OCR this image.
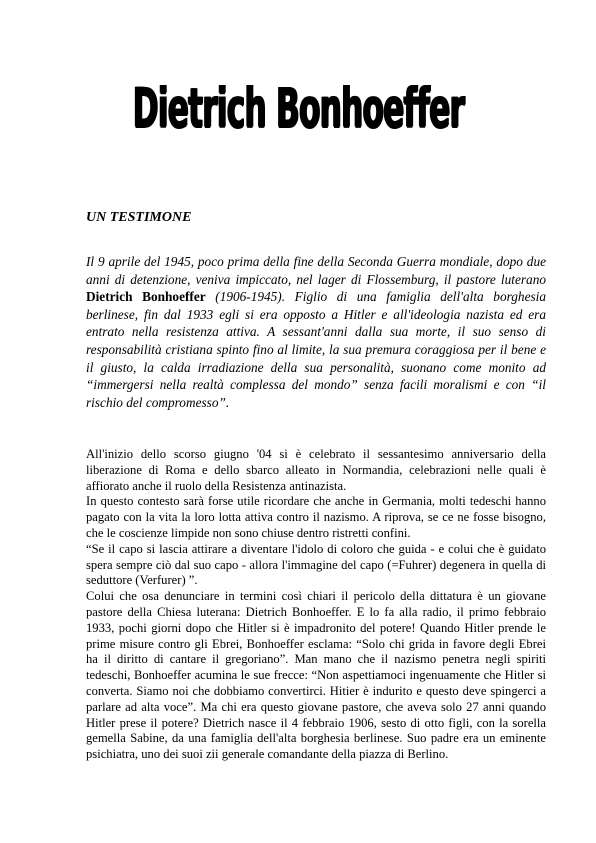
Dietrich Bonhoeffer
UN TESTIMONE
Il 9 aprile del 1945, poco prima della fine della Seconda Guerra mondiale, dopo due anni di detenzione, veniva impiccato, nel lager di Flossemburg, il pastore luterano Dietrich Bonhoeffer (1906-1945). Figlio di una famiglia dell'alta borghesia berlinese, fin dal 1933 egli si era opposto a Hitler e all'ideologia nazista ed era entrato nella resistenza attiva. A sessant'anni dalla sua morte, il suo senso di responsabilità cristiana spinto fino al limite, la sua premura coraggiosa per il bene e il giusto, la calda irradiazione della sua personalità, suonano come monito ad “immergersi nella realtà complessa del mondo” senza facili moralismi e con “il rischio del compromesso”.

All'inizio dello scorso giugno '04 si è celebrato il sessantesimo anniversario della liberazione di Roma e dello sbarco alleato in Normandia, celebrazioni nelle quali è affiorato anche il ruolo della Resistenza antinazista.

In questo contesto sarà forse utile ricordare che anche in Germania, molti tedeschi hanno pagato con la vita la loro lotta attiva contro il nazismo. A riprova, se ce ne fosse bisogno, che le coscienze limpide non sono chiuse dentro ristretti confini.

“Se il capo si lascia attirare a diventare l'idolo di coloro che guida - e colui che è guidato spera sempre ciò dal suo capo - allora l'immagine del capo (=Fuhrer) degenera in quella di seduttore (Verfurer) ”.

Colui che osa denunciare in termini così chiari il pericolo della dittatura è un giovane pastore della Chiesa luterana: Dietrich Bonhoeffer. E lo fa alla radio, il primo febbraio 1933, pochi giorni dopo che Hitler si è impadronito del potere! Quando Hitler prende le prime misure contro gli Ebrei, Bonhoeffer esclama: “Solo chi grida in favore degli Ebrei ha il diritto di cantare il gregoriano”. Man mano che il nazismo penetra negli spiriti tedeschi, Bonhoeffer acumina le sue frecce: “Non aspettiamoci ingenuamente che Hitler si converta. Siamo noi che dobbiamo convertirci. Hitier è indurito e questo deve spingerci a parlare ad alta voce”. Ma chi era questo giovane pastore, che aveva solo 27 anni quando Hitler prese il potere? Dietrich nasce il 4 febbraio 1906, sesto di otto figli, con la sorella gemella Sabine, da una famiglia dell'alta borghesia berlinese. Suo padre era un eminente psichiatra, uno dei suoi zii generale comandante della piazza di Berlino.
